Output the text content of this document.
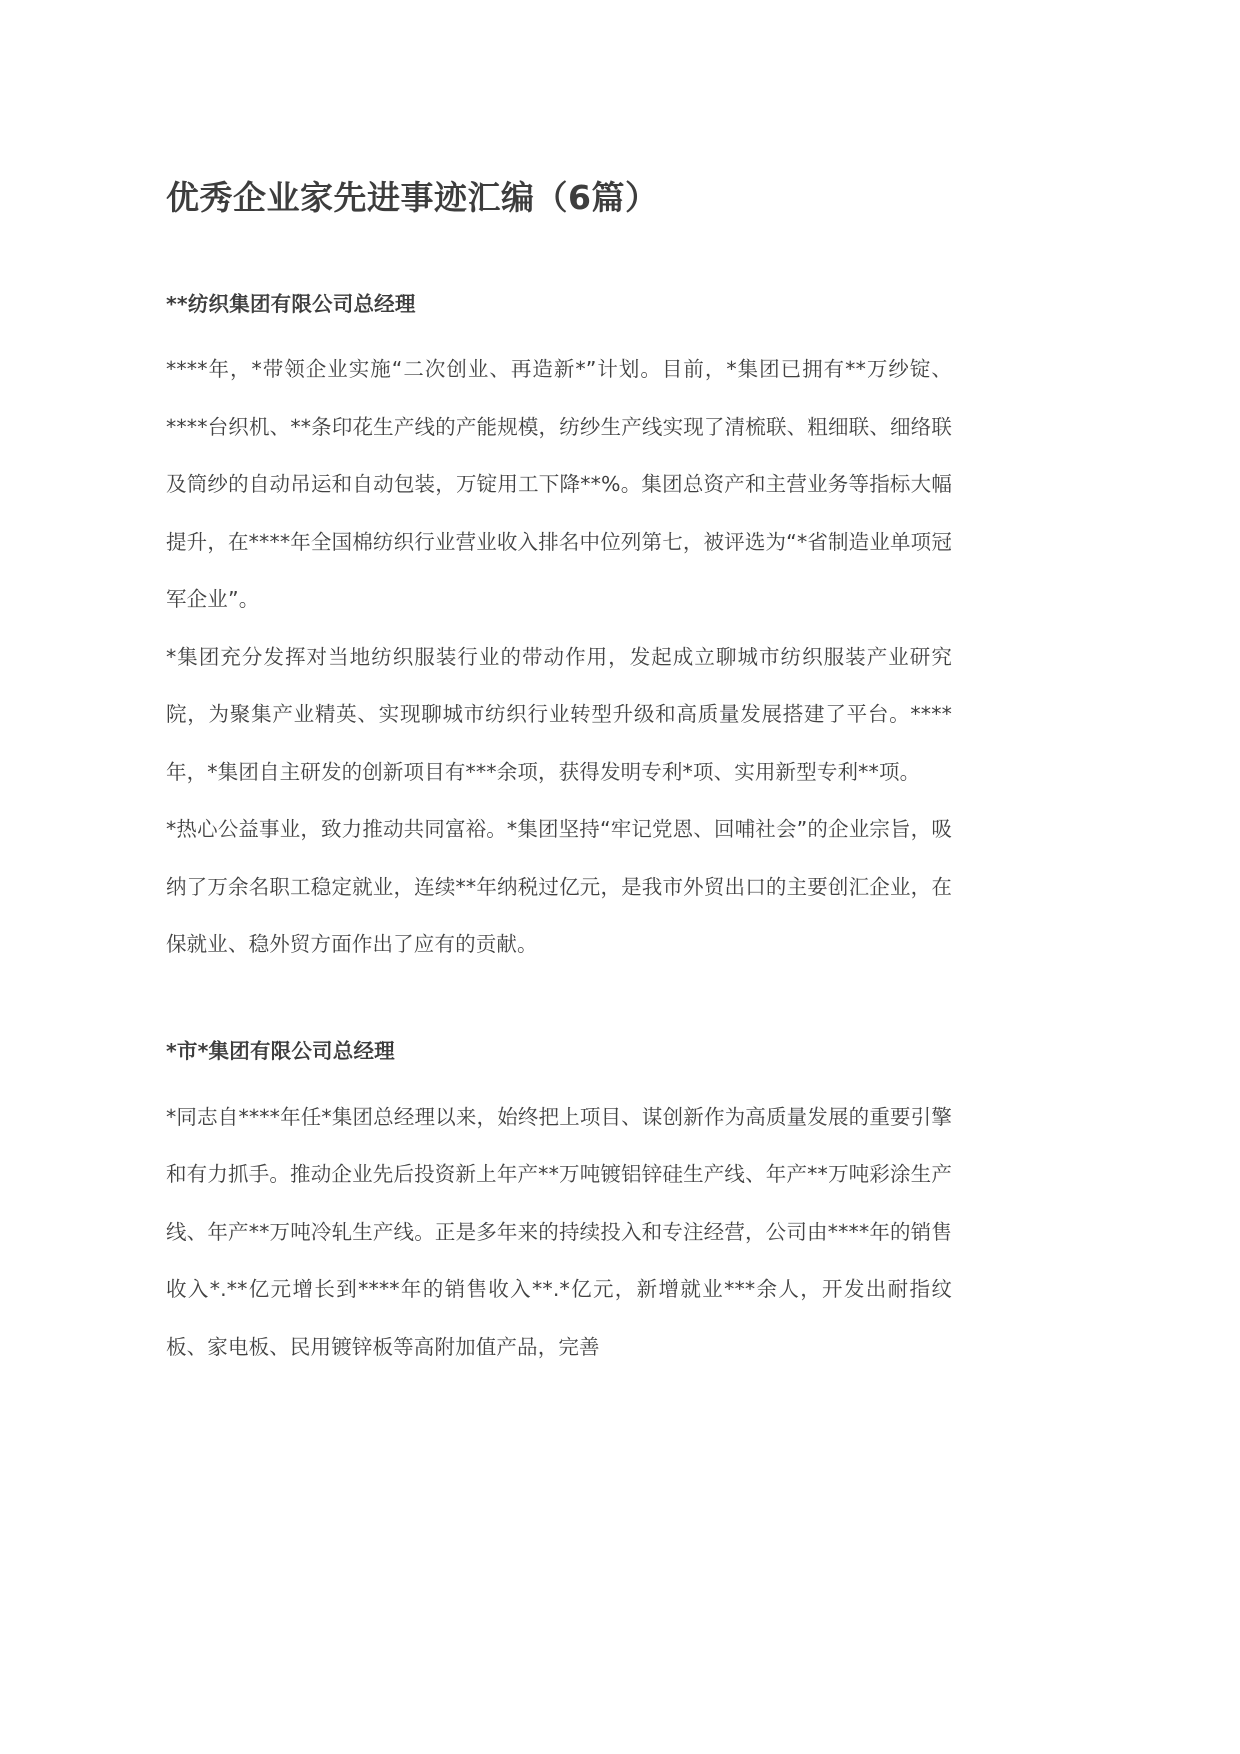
优秀企业家先进事迹汇编（6篇）
**纺织集团有限公司总经理

****年，*带领企业实施“二次创业、再造新*”计划。目前，*集团已拥有**万纱锭、****台织机、**条印花生产线的产能规模，纺纱生产线实现了清梳联、粗细联、细络联及筒纱的自动吊运和自动包装，万锭用工下降**%。集团总资产和主营业务等指标大幅提升，在****年全国棉纺织行业营业收入排名中位列第七，被评选为“*省制造业单项冠军企业”。

*集团充分发挥对当地纺织服装行业的带动作用，发起成立聊城市纺织服装产业研究院，为聚集产业精英、实现聊城市纺织行业转型升级和高质量发展搭建了平台。****年，*集团自主研发的创新项目有***余项，获得发明专利*项、实用新型专利**项。

*热心公益事业，致力推动共同富裕。*集团坚持“牢记党恩、回哺社会”的企业宗旨，吸纳了万余名职工稳定就业，连续**年纳税过亿元，是我市外贸出口的主要创汇企业，在保就业、稳外贸方面作出了应有的贡献。

*市*集团有限公司总经理

*同志自****年任*集团总经理以来，始终把上项目、谋创新作为高质量发展的重要引擎和有力抓手。推动企业先后投资新上年产**万吨镀铝锌硅生产线、年产**万吨彩涂生产线、年产**万吨冷轧生产线。正是多年来的持续投入和专注经营，公司由****年的销售收入*.**亿元增长到****年的销售收入**.*亿元，新增就业***余人，开发出耐指纹板、家电板、民用镀锌板等高附加值产品，完善
